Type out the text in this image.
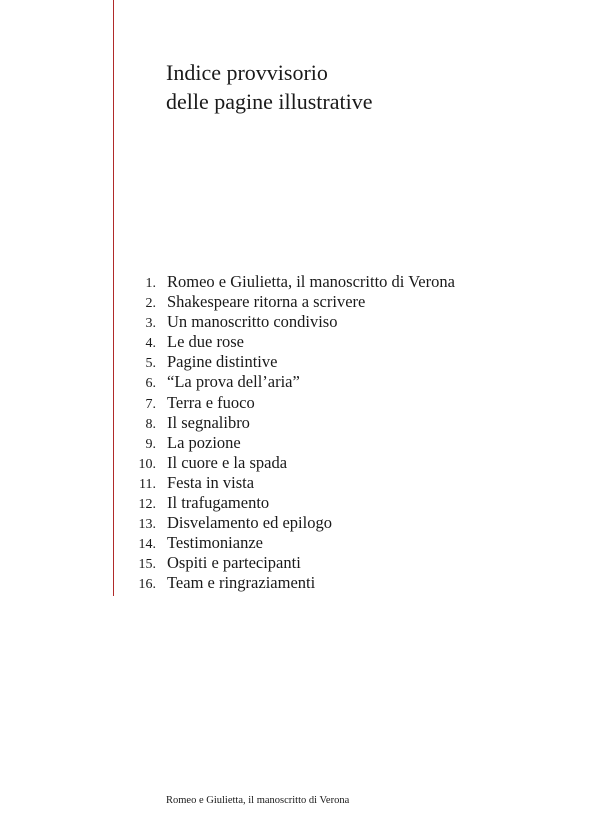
Indice provvisorio
delle pagine illustrative
1. Romeo e Giulietta, il manoscritto di Verona
2. Shakespeare ritorna a scrivere
3. Un manoscritto condiviso
4. Le due rose
5. Pagine distintive
6. “La prova dell’aria”
7. Terra e fuoco
8. Il segnalibro
9. La pozione
10. Il cuore e la spada
11. Festa in vista
12. Il trafugamento
13. Disvelamento ed epilogo
14. Testimonianze
15. Ospiti e partecipanti
16. Team e ringraziamenti
Romeo e Giulietta, il manoscritto di Verona
